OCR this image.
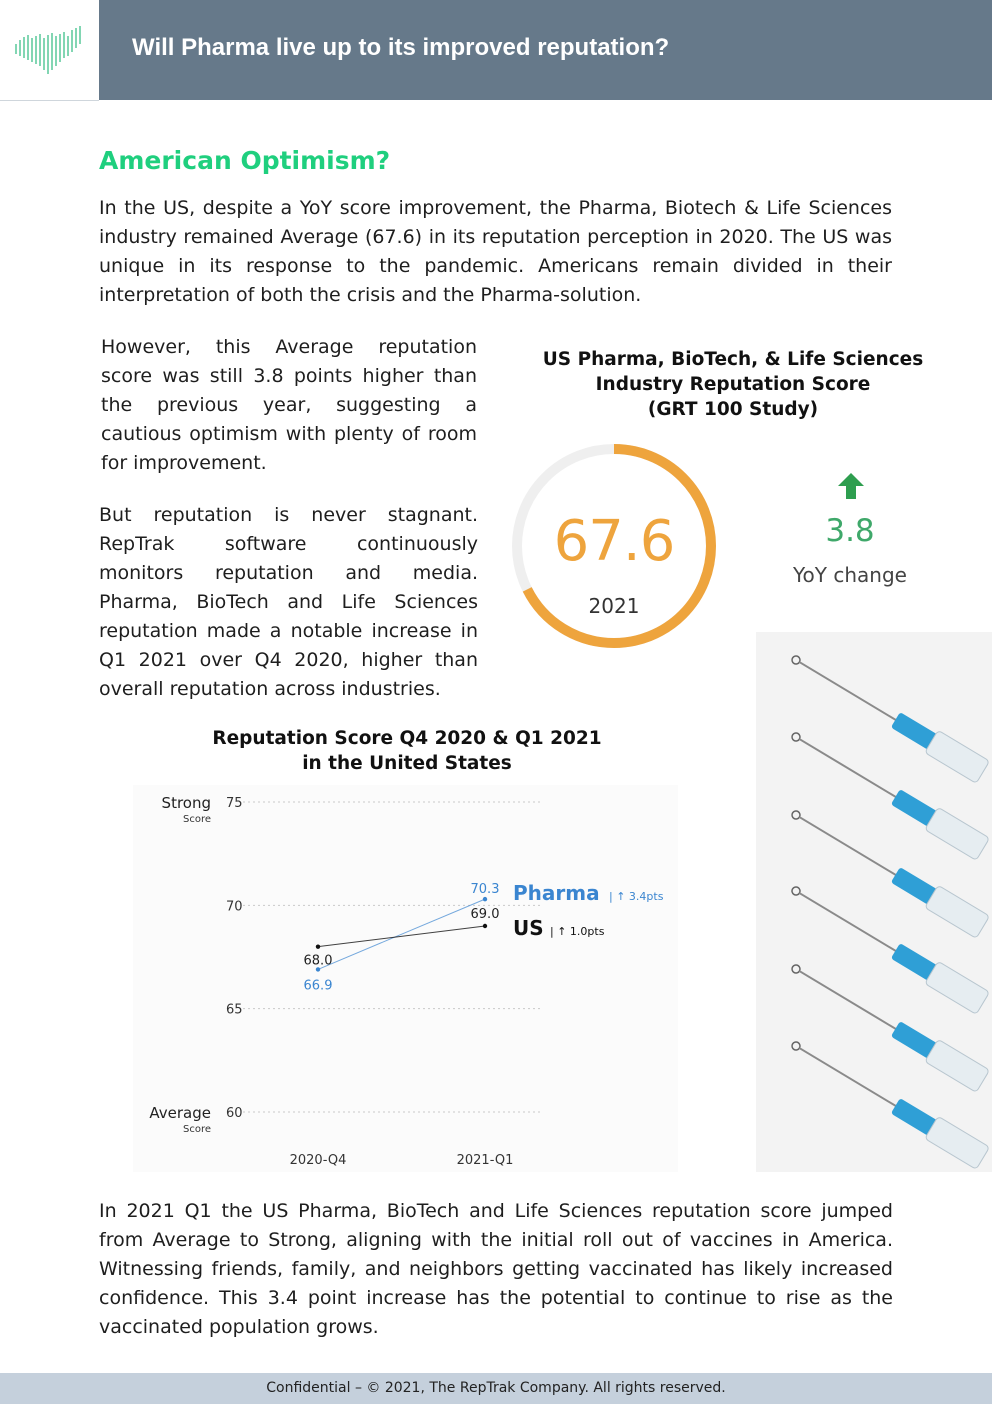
Will Pharma live up to its improved reputation?
American Optimism?

In the US, despite a YoY score improvement, the Pharma, Biotech & Life Sciences industry remained Average (67.6) in its reputation perception in 2020. The US was unique in its response to the pandemic. Americans remain divided in their interpretation of both the crisis and the Pharma-solution.

However, this Average reputation score was still 3.8 points higher than the previous year, suggesting a cautious optimism with plenty of room for improvement.

But reputation is never stagnant. RepTrak software continuously monitors reputation and media. Pharma, BioTech and Life Sciences reputation made a notable increase in Q1 2021 over Q4 2020, higher than overall reputation across industries.

US Pharma, BioTech, & Life Sciences
Industry Reputation Score
(GRT 100 Study)
67.6
2021
3.8
YoY change
Reputation Score Q4 2020 & Q1 2021
in the United States
75
70
65
60
Strong
Score
Average
Score
2020-Q4	2021-Q1
66.9
70.3
68.0
69.0
Pharma | ↑ 3.4pts
US | ↑ 1.0pts

In 2021 Q1 the US Pharma, BioTech and Life Sciences reputation score jumped from Average to Strong, aligning with the initial roll out of vaccines in America. Witnessing friends, family, and neighbors getting vaccinated has likely increased confidence. This 3.4 point increase has the potential to continue to rise as the vaccinated population grows.

Confidential – © 2021, The RepTrak Company. All rights reserved.
